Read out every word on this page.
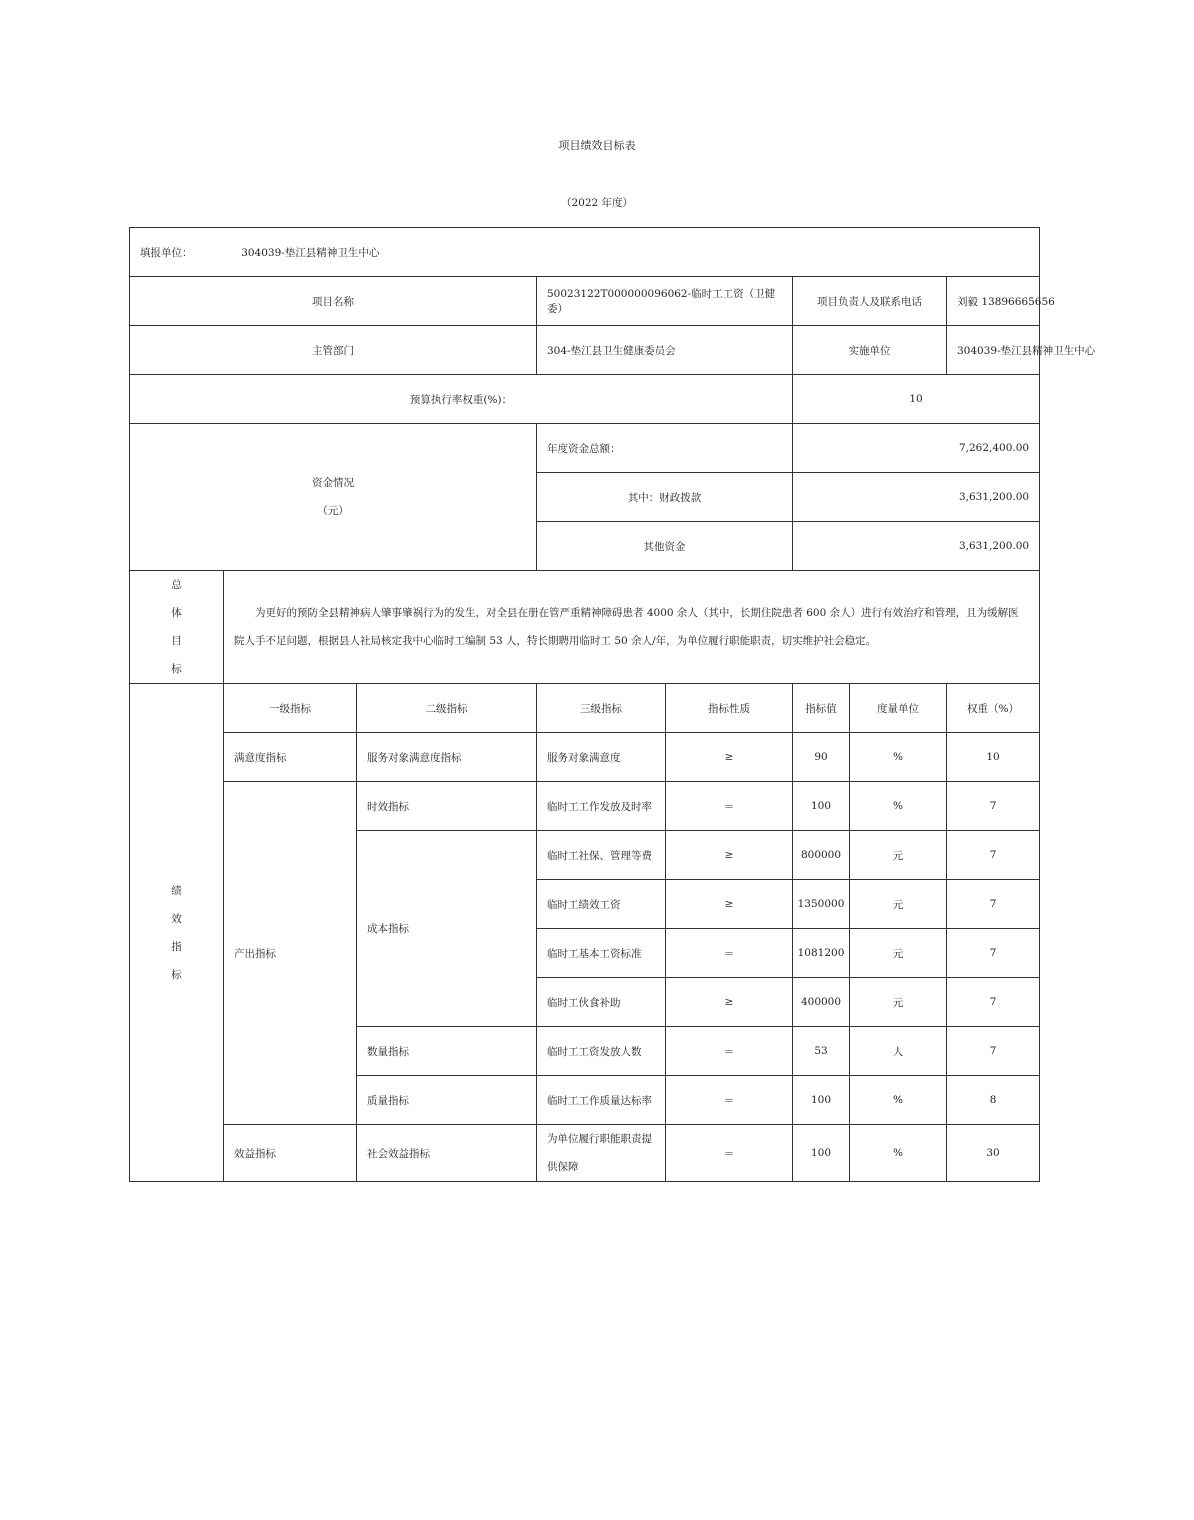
项目绩效目标表
（2022 年度）
填报单位： 304039-垫江县精神卫生中心							
项目名称			50023122T000000096062-临时工工资（卫健委）		项目负责人及联系电话		刘毅 13896665656
主管部门			304-垫江县卫生健康委员会		实施单位		304039-垫江县精神卫生中心
预算执行率权重(%)：					10		

资金情况
（元）			年度资金总额：		7,262,400.00		
			其中：财政拨款		3,631,200.00		
			其他资金		3,631,200.00		

总
体
目
标	为更好的预防全县精神病人肇事肇祸行为的发生，对全县在册在管严重精神障碍患者 4000 余人（其中，长期住院患者 600 余人）进行有效治疗和管理，且为缓解医院人手不足问题，根据县人社局核定我中心临时工编制 53 人，特长期聘用临时工 50 余人/年，为单位履行职能职责，切实维护社会稳定。						

绩
效
指
标	一级指标	二级指标	三级指标	指标性质	指标值	度量单位	权重（%）
	满意度指标	服务对象满意度指标	服务对象满意度	≥	90	%	10
	产出指标	时效指标	临时工工作发放及时率	＝	100	%	7
		成本指标	临时工社保、管理等费	≥	800000	元	7
			临时工绩效工资	≥	1350000	元	7
			临时工基本工资标准	＝	1081200	元	7
			临时工伙食补助	≥	400000	元	7
		数量指标	临时工工资发放人数	＝	53	人	7
		质量指标	临时工工作质量达标率	＝	100	%	8
	效益指标	社会效益指标	为单位履行职能职责提供保障	＝	100	%	30
